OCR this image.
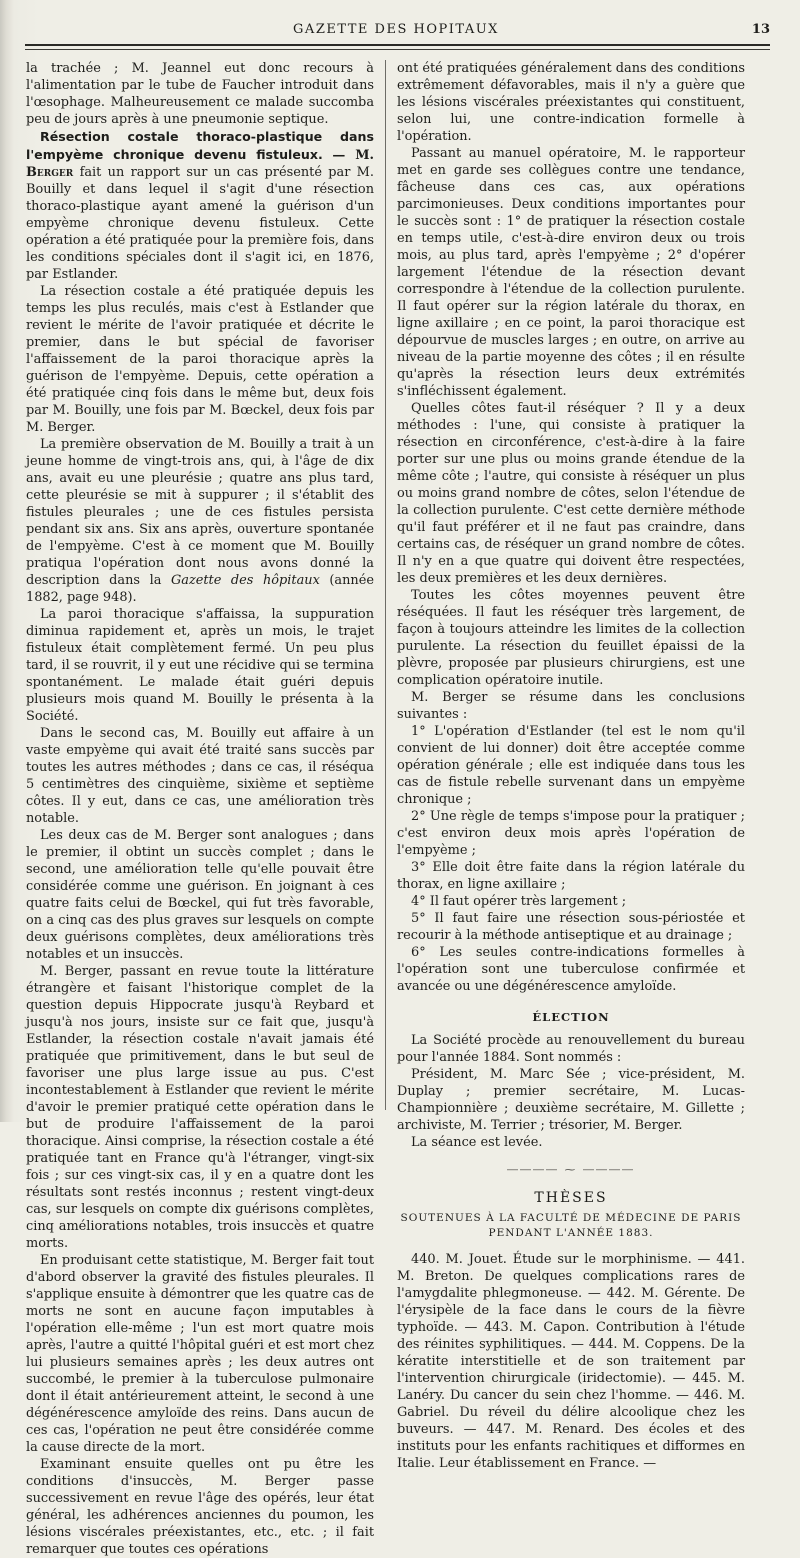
GAZETTE DES HOPITAUX	13

la trachée ; M. Jeannel eut donc recours à l'alimentation par le tube de Faucher introduit dans l'œsophage. Malheureusement ce malade succomba peu de jours après à une pneumonie septique.

Résection costale thoraco-plastique dans l'empyème chronique devenu fistuleux. — M. Berger fait un rapport sur un cas présenté par M. Bouilly et dans lequel il s'agit d'une résection thoraco-plastique ayant amené la guérison d'un empyème chronique devenu fistuleux. Cette opération a été pratiquée pour la première fois, dans les conditions spéciales dont il s'agit ici, en 1876, par Estlander.

La résection costale a été pratiquée depuis les temps les plus reculés, mais c'est à Estlander que revient le mérite de l'avoir pratiquée et décrite le premier, dans le but spécial de favoriser l'affaissement de la paroi thoracique après la guérison de l'empyème. Depuis, cette opération a été pratiquée cinq fois dans le même but, deux fois par M. Bouilly, une fois par M. Bœckel, deux fois par M. Berger.

La première observation de M. Bouilly a trait à un jeune homme de vingt-trois ans, qui, à l'âge de dix ans, avait eu une pleurésie ; quatre ans plus tard, cette pleurésie se mit à suppurer ; il s'établit des fistules pleurales ; une de ces fistules persista pendant six ans. Six ans après, ouverture spontanée de l'empyème. C'est à ce moment que M. Bouilly pratiqua l'opération dont nous avons donné la description dans la Gazette des hôpitaux (année 1882, page 948).

La paroi thoracique s'affaissa, la suppuration diminua rapidement et, après un mois, le trajet fistuleux était complètement fermé. Un peu plus tard, il se rouvrit, il y eut une récidive qui se termina spontanément. Le malade était guéri depuis plusieurs mois quand M. Bouilly le présenta à la Société.

Dans le second cas, M. Bouilly eut affaire à un vaste empyème qui avait été traité sans succès par toutes les autres méthodes ; dans ce cas, il réséqua 5 centimètres des cinquième, sixième et septième côtes. Il y eut, dans ce cas, une amélioration très notable.

Les deux cas de M. Berger sont analogues ; dans le premier, il obtint un succès complet ; dans le second, une amélioration telle qu'elle pouvait être considérée comme une guérison. En joignant à ces quatre faits celui de Bœckel, qui fut très favorable, on a cinq cas des plus graves sur lesquels on compte deux guérisons complètes, deux améliorations très notables et un insuccès.

M. Berger, passant en revue toute la littérature étrangère et faisant l'historique complet de la question depuis Hippocrate jusqu'à Reybard et jusqu'à nos jours, insiste sur ce fait que, jusqu'à Estlander, la résection costale n'avait jamais été pratiquée que primitivement, dans le but seul de favoriser une plus large issue au pus. C'est incontestablement à Estlander que revient le mérite d'avoir le premier pratiqué cette opération dans le but de produire l'affaissement de la paroi thoracique. Ainsi comprise, la résection costale a été pratiquée tant en France qu'à l'étranger, vingt-six fois ; sur ces vingt-six cas, il y en a quatre dont les résultats sont restés inconnus ; restent vingt-deux cas, sur lesquels on compte dix guérisons complètes, cinq améliorations notables, trois insuccès et quatre morts.

En produisant cette statistique, M. Berger fait tout d'abord observer la gravité des fistules pleurales. Il s'applique ensuite à démontrer que les quatre cas de morts ne sont en aucune façon imputables à l'opération elle-même ; l'un est mort quatre mois après, l'autre a quitté l'hôpital guéri et est mort chez lui plusieurs semaines après ; les deux autres ont succombé, le premier à la tuberculose pulmonaire dont il était antérieurement atteint, le second à une dégénérescence amyloïde des reins. Dans aucun de ces cas, l'opération ne peut être considérée comme la cause directe de la mort.

Examinant ensuite quelles ont pu être les conditions d'insuccès, M. Berger passe successivement en revue l'âge des opérés, leur état général, les adhérences anciennes du poumon, les lésions viscérales préexistantes, etc., etc. ; il fait remarquer que toutes ces opérations

ont été pratiquées généralement dans des conditions extrêmement défavorables, mais il n'y a guère que les lésions viscérales préexistantes qui constituent, selon lui, une contre-indication formelle à l'opération.

Passant au manuel opératoire, M. le rapporteur met en garde ses collègues contre une tendance, fâcheuse dans ces cas, aux opérations parcimonieuses. Deux conditions importantes pour le succès sont : 1° de pratiquer la résection costale en temps utile, c'est-à-dire environ deux ou trois mois, au plus tard, après l'empyème ; 2° d'opérer largement l'étendue de la résection devant correspondre à l'étendue de la collection purulente. Il faut opérer sur la région latérale du thorax, en ligne axillaire ; en ce point, la paroi thoracique est dépourvue de muscles larges ; en outre, on arrive au niveau de la partie moyenne des côtes ; il en résulte qu'après la résection leurs deux extrémités s'infléchissent également.

Quelles côtes faut-il réséquer ? Il y a deux méthodes : l'une, qui consiste à pratiquer la résection en circonférence, c'est-à-dire à la faire porter sur une plus ou moins grande étendue de la même côte ; l'autre, qui consiste à réséquer un plus ou moins grand nombre de côtes, selon l'étendue de la collection purulente. C'est cette dernière méthode qu'il faut préférer et il ne faut pas craindre, dans certains cas, de réséquer un grand nombre de côtes. Il n'y en a que quatre qui doivent être respectées, les deux premières et les deux dernières.

Toutes les côtes moyennes peuvent être réséquées. Il faut les réséquer très largement, de façon à toujours atteindre les limites de la collection purulente. La résection du feuillet épaissi de la plèvre, proposée par plusieurs chirurgiens, est une complication opératoire inutile.

M. Berger se résume dans les conclusions suivantes :

1° L'opération d'Estlander (tel est le nom qu'il convient de lui donner) doit être acceptée comme opération générale ; elle est indiquée dans tous les cas de fistule rebelle survenant dans un empyème chronique ;

2° Une règle de temps s'impose pour la pratiquer ; c'est environ deux mois après l'opération de l'empyème ;

3° Elle doit être faite dans la région latérale du thorax, en ligne axillaire ;

4° Il faut opérer très largement ;

5° Il faut faire une résection sous-périostée et recourir à la méthode antiseptique et au drainage ;

6° Les seules contre-indications formelles à l'opération sont une tuberculose confirmée et avancée ou une dégénérescence amyloïde.

ÉLECTION

La Société procède au renouvellement du bureau pour l'année 1884. Sont nommés :

Président, M. Marc Sée ; vice-président, M. Duplay ; premier secrétaire, M. Lucas-Championnière ; deuxième secrétaire, M. Gillette ; archiviste, M. Terrier ; trésorier, M. Berger.

La séance est levée.

―――― ⁓ ――――
THÈSES
SOUTENUES À LA FACULTÉ DE MÉDECINE DE PARIS
PENDANT L'ANNÉE 1883.

440. M. Jouet. Étude sur le morphinisme. — 441. M. Breton. De quelques complications rares de l'amygdalite phlegmoneuse. — 442. M. Gérente. De l'érysipèle de la face dans le cours de la fièvre typhoïde. — 443. M. Capon. Contribution à l'étude des réinites syphilitiques. — 444. M. Coppens. De la kératite interstitielle et de son traitement par l'intervention chirurgicale (iridectomie). — 445. M. Lanéry. Du cancer du sein chez l'homme. — 446. M. Gabriel. Du réveil du délire alcoolique chez les buveurs. — 447. M. Renard. Des écoles et des instituts pour les enfants rachitiques et difformes en Italie. Leur établissement en France. —
